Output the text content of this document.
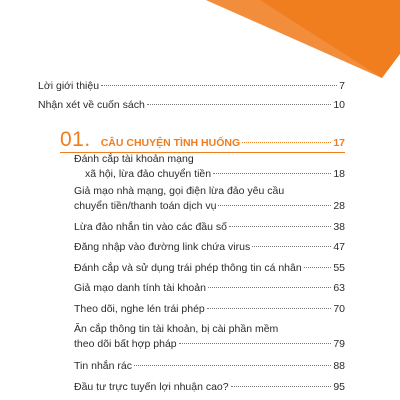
Lời giới thiệu	7
Nhận xét về cuốn sách	10
01. CÂU CHUYỆN TÌNH HUỐNG	17
Đánh cắp tài khoản mạng
xã hội, lừa đảo chuyển tiền	18
Giả mạo nhà mạng, gọi điện lừa đảo yêu cầu
chuyển tiền/thanh toán dịch vụ	28
Lừa đảo nhắn tin vào các đầu số	38
Đăng nhập vào đường link chứa virus	47
Đánh cắp và sử dụng trái phép thông tin cá nhân	55
Giả mạo danh tính tài khoản	63
Theo dõi, nghe lén trái phép	70
Ăn cắp thông tin tài khoản, bị cài phần mềm
theo dõi bất hợp pháp	79
Tin nhắn rác	88
Đầu tư trực tuyến lợi nhuận cao?	95
